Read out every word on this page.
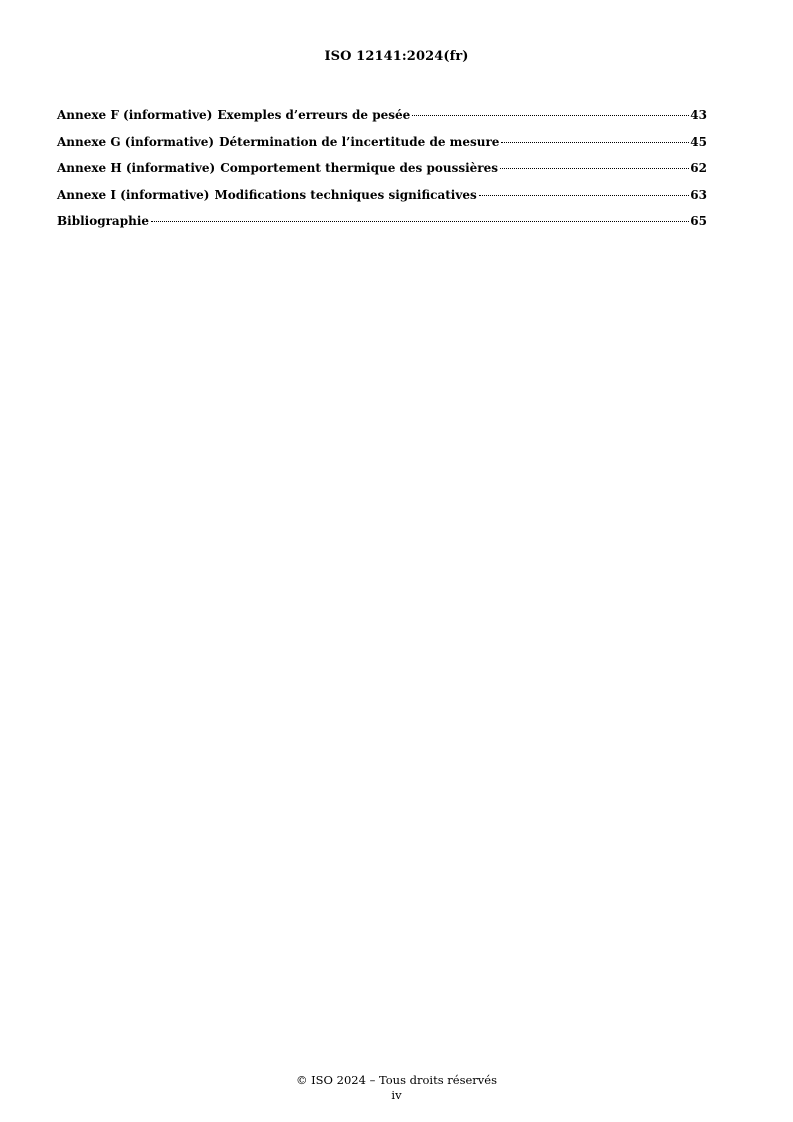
ISO 12141:2024(fr)
Annexe F (informative) Exemples d’erreurs de pesée	43
Annexe G (informative) Détermination de l’incertitude de mesure	45
Annexe H (informative) Comportement thermique des poussières	62
Annexe I (informative) Modifications techniques significatives	63
Bibliographie	65
© ISO 2024 – Tous droits réservés
iv
